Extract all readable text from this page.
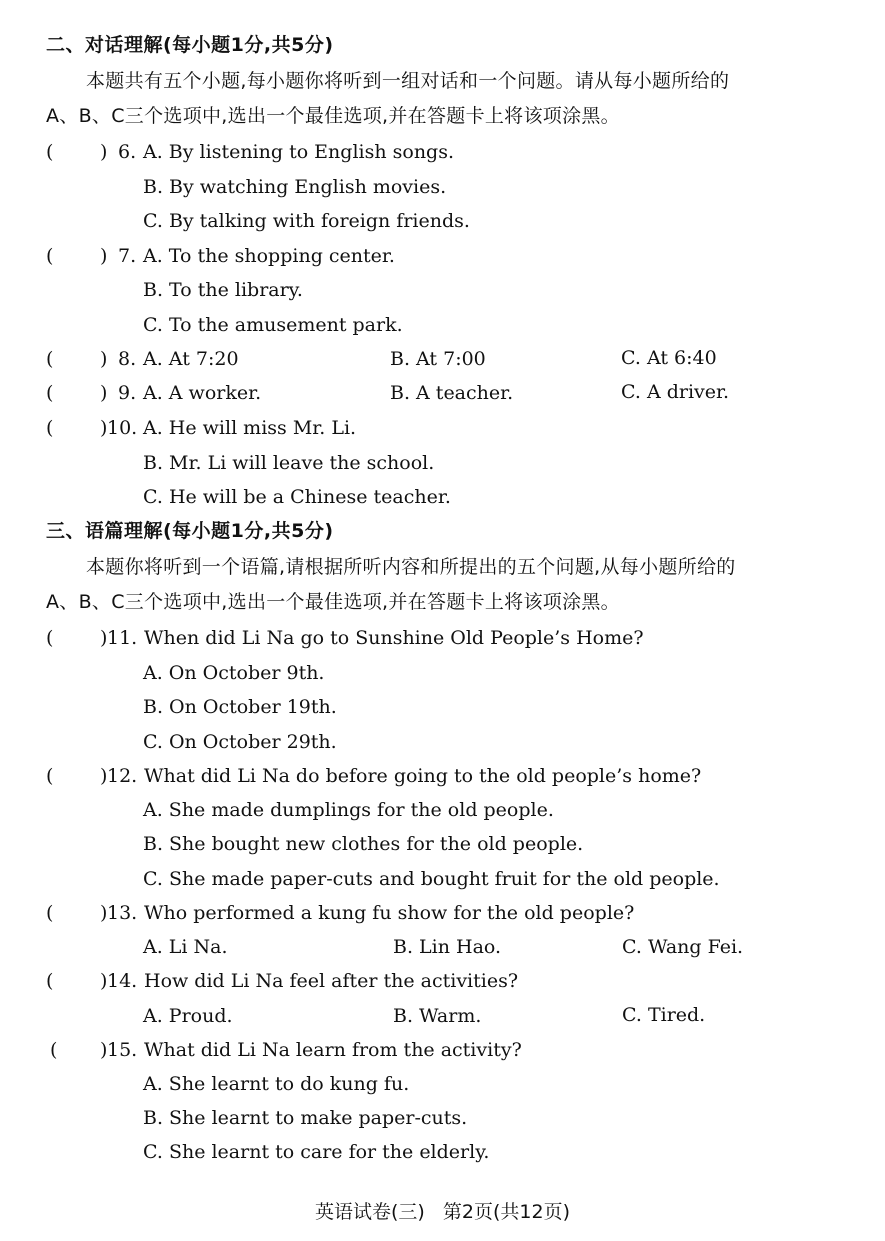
二、对话理解(每小题1分,共5分)
本题共有五个小题,每小题你将听到一组对话和一个问题。请从每小题所给的
A、B、C三个选项中,选出一个最佳选项,并在答题卡上将该项涂黑。
( ) 6. A. By listening to English songs.
B. By watching English movies.
C. By talking with foreign friends.
( ) 7. A. To the shopping center.
B. To the library.
C. To the amusement park.
( ) 8. A. At 7:20	B. At 7:00	C. At 6:40
( ) 9. A. A worker.	B. A teacher.	C. A driver.
( ) 10. A. He will miss Mr. Li.
B. Mr. Li will leave the school.
C. He will be a Chinese teacher.
三、语篇理解(每小题1分,共5分)
本题你将听到一个语篇,请根据所听内容和所提出的五个问题,从每小题所给的
A、B、C三个选项中,选出一个最佳选项,并在答题卡上将该项涂黑。
( ) 11. When did Li Na go to Sunshine Old People’s Home?
A. On October 9th.
B. On October 19th.
C. On October 29th.
( ) 12. What did Li Na do before going to the old people’s home?
A. She made dumplings for the old people.
B. She bought new clothes for the old people.
C. She made paper-cuts and bought fruit for the old people.
( ) 13. Who performed a kung fu show for the old people?
A. Li Na.	B. Lin Hao.	C. Wang Fei.
( ) 14. How did Li Na feel after the activities?
A. Proud.	B. Warm.	C. Tired.
( ) 15. What did Li Na learn from the activity?
A. She learnt to do kung fu.
B. She learnt to make paper-cuts.
C. She learnt to care for the elderly.
英语试卷(三)   第2页(共12页)
